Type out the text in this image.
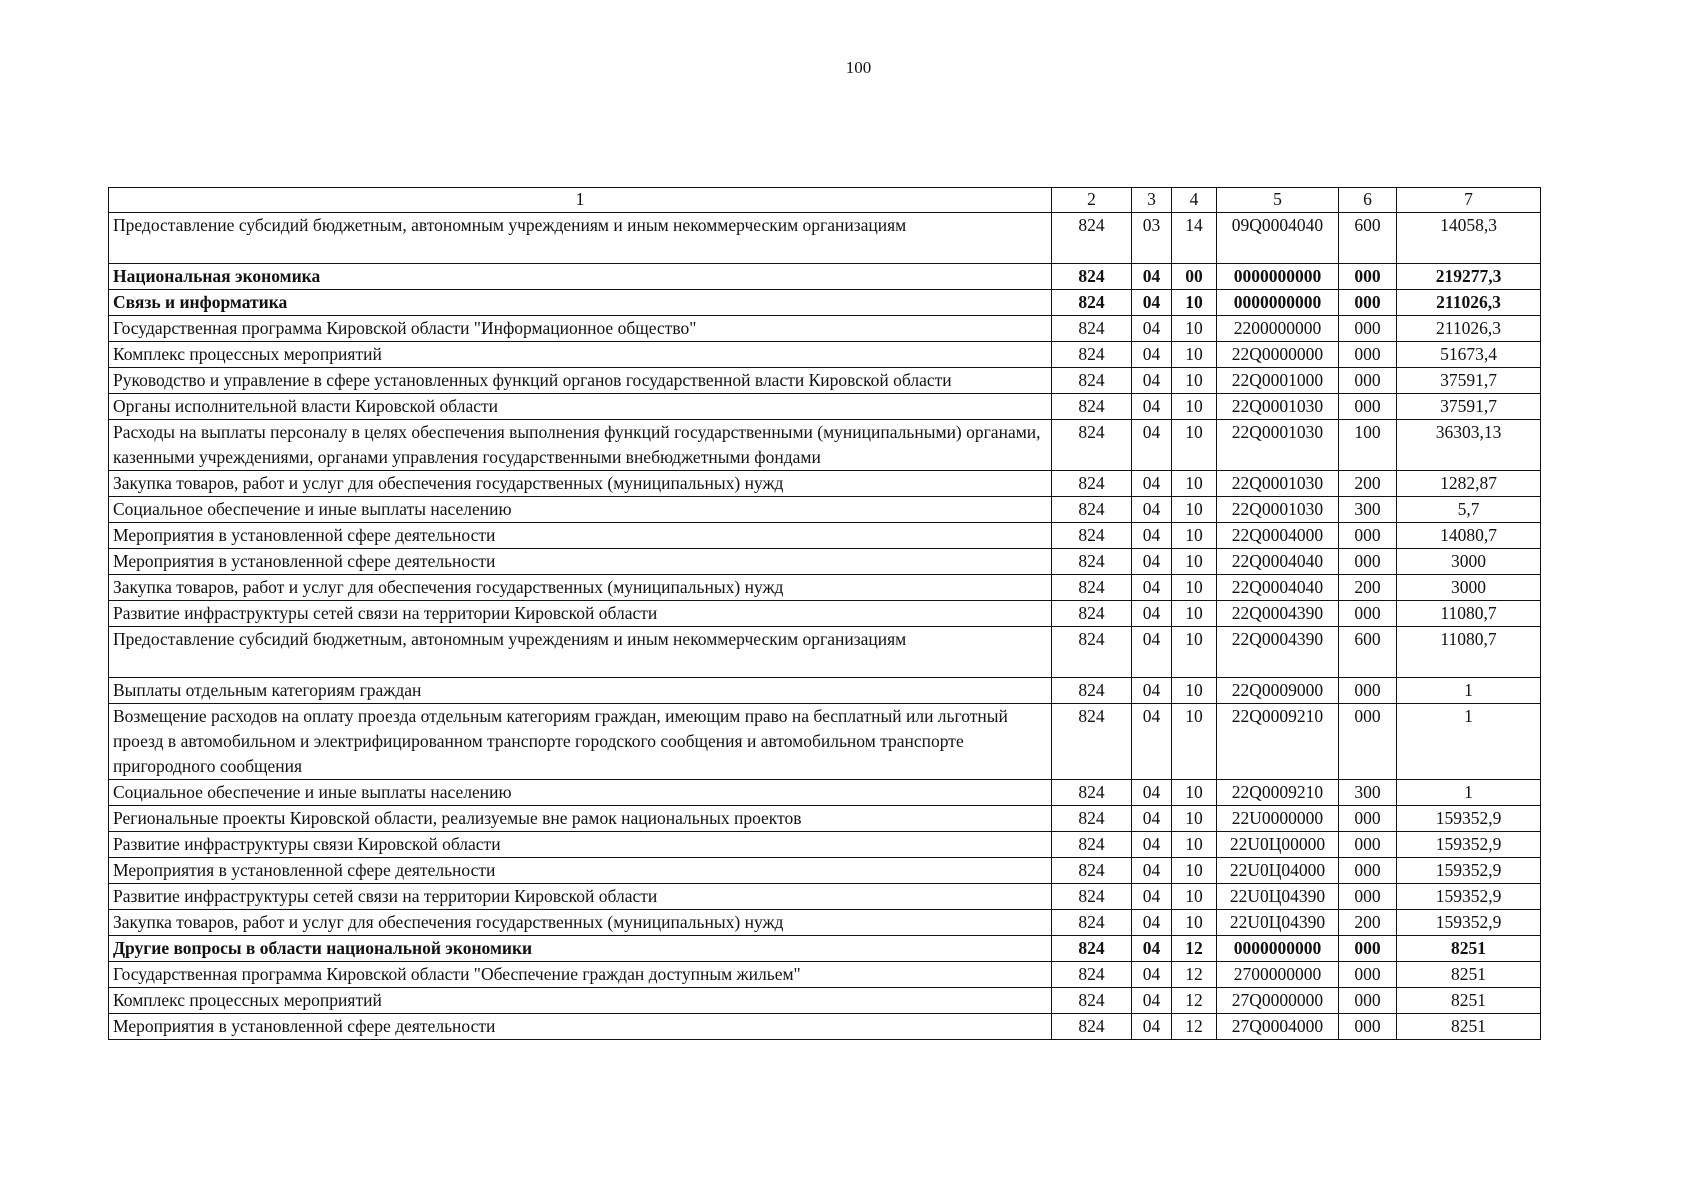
100
1	2	3	4	5	6	7
Предоставление субсидий бюджетным, автономным учреждениям и иным некоммерческим организациям	824	03	14	09Q0004040	600	14058,3
Национальная экономика	824	04	00	0000000000	000	219277,3
Связь и информатика	824	04	10	0000000000	000	211026,3
Государственная программа Кировской области "Информационное общество"	824	04	10	2200000000	000	211026,3
Комплекс процессных мероприятий	824	04	10	22Q0000000	000	51673,4
Руководство и управление в сфере установленных функций органов государственной власти Кировской области	824	04	10	22Q0001000	000	37591,7
Органы исполнительной власти Кировской области	824	04	10	22Q0001030	000	37591,7
Расходы на выплаты персоналу в целях обеспечения выполнения функций государственными (муниципальными) органами, казенными учреждениями, органами управления государственными внебюджетными фондами	824	04	10	22Q0001030	100	36303,13
Закупка товаров, работ и услуг для обеспечения государственных (муниципальных) нужд	824	04	10	22Q0001030	200	1282,87
Социальное обеспечение и иные выплаты населению	824	04	10	22Q0001030	300	5,7
Мероприятия в установленной сфере деятельности	824	04	10	22Q0004000	000	14080,7
Мероприятия в установленной сфере деятельности	824	04	10	22Q0004040	000	3000
Закупка товаров, работ и услуг для обеспечения государственных (муниципальных) нужд	824	04	10	22Q0004040	200	3000
Развитие инфраструктуры сетей связи на территории Кировской области	824	04	10	22Q0004390	000	11080,7
Предоставление субсидий бюджетным, автономным учреждениям и иным некоммерческим организациям	824	04	10	22Q0004390	600	11080,7
Выплаты отдельным категориям граждан	824	04	10	22Q0009000	000	1
Возмещение расходов на оплату проезда отдельным категориям граждан, имеющим право на бесплатный или льготный проезд в автомобильном и электрифицированном транспорте городского сообщения и автомобильном транспорте пригородного сообщения	824	04	10	22Q0009210	000	1
Социальное обеспечение и иные выплаты населению	824	04	10	22Q0009210	300	1
Региональные проекты Кировской области, реализуемые вне рамок национальных проектов	824	04	10	22U0000000	000	159352,9
Развитие инфраструктуры связи Кировской области	824	04	10	22U0Ц00000	000	159352,9
Мероприятия в установленной сфере деятельности	824	04	10	22U0Ц04000	000	159352,9
Развитие инфраструктуры сетей связи на территории Кировской области	824	04	10	22U0Ц04390	000	159352,9
Закупка товаров, работ и услуг для обеспечения государственных (муниципальных) нужд	824	04	10	22U0Ц04390	200	159352,9
Другие вопросы в области национальной экономики	824	04	12	0000000000	000	8251
Государственная программа Кировской области "Обеспечение граждан доступным жильем"	824	04	12	2700000000	000	8251
Комплекс процессных мероприятий	824	04	12	27Q0000000	000	8251
Мероприятия в установленной сфере деятельности	824	04	12	27Q0004000	000	8251
